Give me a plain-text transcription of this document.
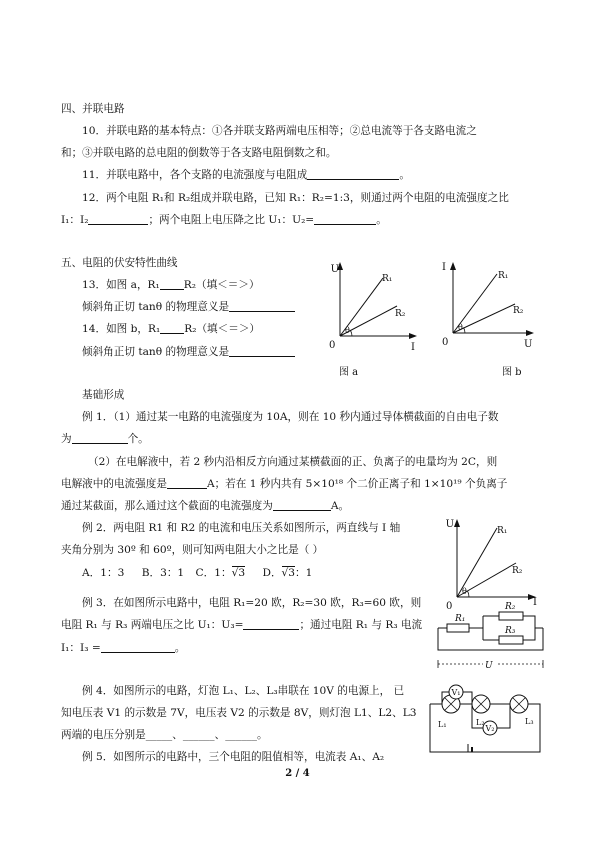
四、并联电路
10．并联电路的基本特点：①各并联支路两端电压相等；②总电流等于各支路电流之
和；③并联电路的总电阻的倒数等于各支路电阻倒数之和。
11．并联电路中，各个支路的电流强度与电阻成	。
12．两个电阻 R₁和 R₂组成并联电路，已知 R₁：R₂=1:3，则通过两个电阻的电流强度之比
I₁：I₂	；两个电阻上电压降之比 U₁：U₂=	。
五、电阻的伏安特性曲线
13．如图 a，R₁ R₂（填＜＝＞）
倾斜角正切 tanθ 的物理意义是
14．如图 b，R₁ R₂（填＜＝＞）
倾斜角正切 tanθ 的物理意义是
U
I
0
R₁
R₂
θ
图 a
I
U
0
R₁
R₂
θ
图 b
基础形成
例 1．（1）通过某一电路的电流强度为 10A，则在 10 秒内通过导体横截面的自由电子数
为	个。
（2）在电解液中，若 2 秒内沿相反方向通过某横截面的正、负离子的电量均为 2C，则
电解液中的电流强度是	A；若在 1 秒内共有 5×10¹⁸ 个二价正离子和 1×10¹⁹ 个负离子
通过某截面，那么通过这个截面的电流强度为	A。
例 2．两电阻 R1 和 R2 的电流和电压关系如图所示，两直线与 I 轴
夹角分别为 30º 和 60º，则可知两电阻大小之比是（ ）
A．1：3 B．3：1 C．1：√3 D．√3：1
U
I
0
R₁
R₂
θ
例 3．在如图所示电路中，电阻 R₁=20 欧，R₂=30 欧，R₃=60 欧，则
电阻 R₁ 与 R₃ 两端电压之比 U₁：U₃=	；通过电阻 R₁ 与 R₃ 电流
I₁：I₃ =	。
R₁
R₂
R₃
U
例 4．如图所示的电路，灯泡 L₁、L₂、L₃串联在 10V 的电源上， 已
知电压表 V1 的示数是 7V，电压表 V2 的示数是 8V，则灯泡 L1、L2、L3
两端的电压分别是_____、______、______。
例 5．如图所示的电路中，三个电阻的阻值相等，电流表 A₁、A₂
V₁
V₂
L₁	L₂	L₃
2 / 4
